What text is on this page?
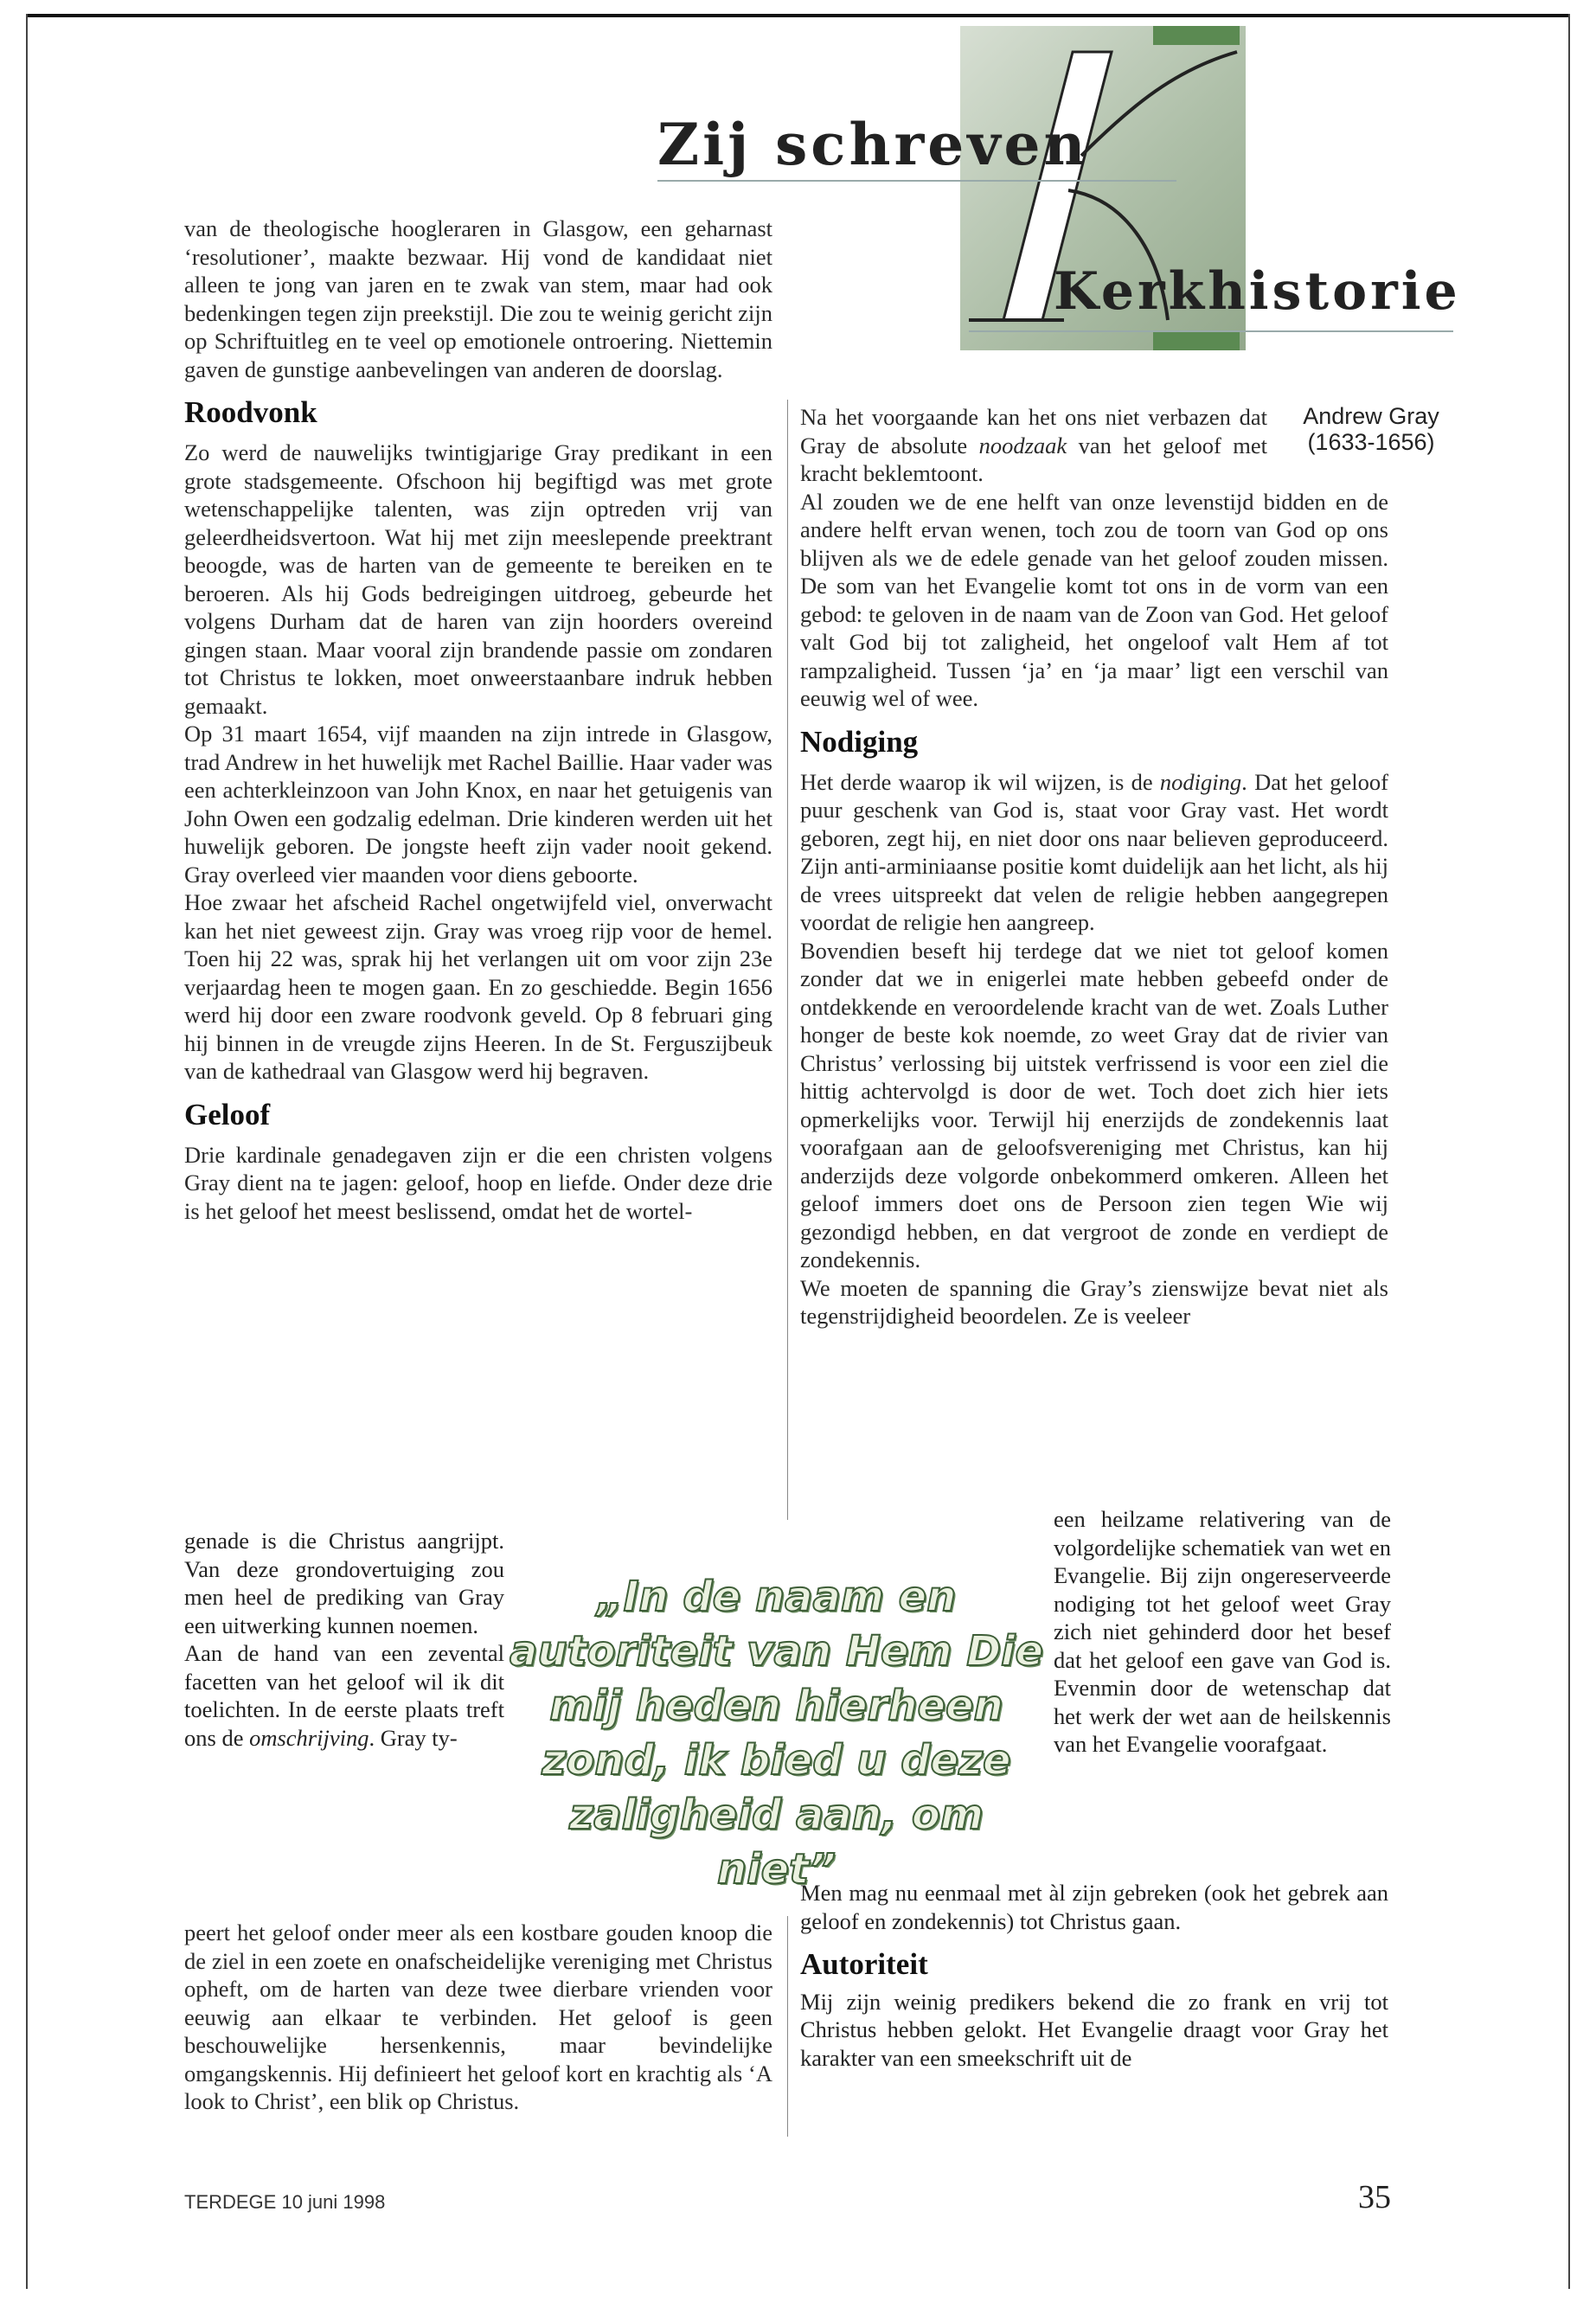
Zij schreven
Kerkhistorie
Andrew Gray
(1633-1656)

van de theologische hoogleraren in Glasgow, een geharnast ‘resolutioner’, maakte bezwaar. Hij vond de kandidaat niet alleen te jong van jaren en te zwak van stem, maar had ook bedenkingen tegen zijn preekstijl. Die zou te weinig gericht zijn op Schriftuitleg en te veel op emotionele ontroering. Niettemin gaven de gunstige aanbevelingen van anderen de doorslag.

Roodvonk

Zo werd de nauwelijks twintigjarige Gray predikant in een grote stadsgemeente. Ofschoon hij begiftigd was met grote wetenschappelijke talenten, was zijn optreden vrij van geleerdheidsvertoon. Wat hij met zijn meeslepende preektrant beoogde, was de harten van de gemeente te bereiken en te beroeren. Als hij Gods bedreigingen uitdroeg, gebeurde het volgens Durham dat de haren van zijn hoorders overeind gingen staan. Maar vooral zijn brandende passie om zondaren tot Christus te lokken, moet onweerstaanbare indruk hebben gemaakt.

Op 31 maart 1654, vijf maanden na zijn intrede in Glasgow, trad Andrew in het huwelijk met Rachel Baillie. Haar vader was een achterkleinzoon van John Knox, en naar het getuigenis van John Owen een godzalig edelman. Drie kinderen werden uit het huwelijk geboren. De jongste heeft zijn vader nooit gekend. Gray overleed vier maanden voor diens geboorte.

Hoe zwaar het afscheid Rachel ongetwijfeld viel, onverwacht kan het niet geweest zijn. Gray was vroeg rijp voor de hemel. Toen hij 22 was, sprak hij het verlangen uit om voor zijn 23e verjaardag heen te mogen gaan. En zo geschiedde. Begin 1656 werd hij door een zware roodvonk geveld. Op 8 februari ging hij binnen in de vreugde zijns Heeren. In de St. Ferguszijbeuk van de kathedraal van Glasgow werd hij begraven.

Geloof

Drie kardinale genadegaven zijn er die een christen volgens Gray dient na te jagen: geloof, hoop en liefde. Onder deze drie is het geloof het meest beslissend, omdat het de wortel-

genade is die Christus aangrijpt. Van deze grondovertuiging zou men heel de prediking van Gray een uitwerking kunnen noemen.

Aan de hand van een zevental facetten van het geloof wil ik dit toelichten. In de eerste plaats treft ons de omschrijving. Gray ty-

„In de naam en
autoriteit van Hem Die
mij heden hierheen
zond, ik bied u deze
zaligheid aan, om niet”

peert het geloof onder meer als een kostbare gouden knoop die de ziel in een zoete en onafscheidelijke vereniging met Christus opheft, om de harten van deze twee dierbare vrienden voor eeuwig aan elkaar te verbinden. Het geloof is geen beschouwelijke hersenkennis, maar bevindelijke omgangskennis. Hij definieert het geloof kort en krachtig als ‘A look to Christ’, een blik op Christus.

Na het voorgaande kan het ons niet verbazen dat Gray de absolute noodzaak van het geloof met kracht beklemtoont.

Al zouden we de ene helft van onze levenstijd bidden en de andere helft ervan wenen, toch zou de toorn van God op ons blijven als we de edele genade van het geloof zouden missen. De som van het Evangelie komt tot ons in de vorm van een gebod: te geloven in de naam van de Zoon van God. Het geloof valt God bij tot zaligheid, het ongeloof valt Hem af tot rampzaligheid. Tussen ‘ja’ en ‘ja maar’ ligt een verschil van eeuwig wel of wee.

Nodiging

Het derde waarop ik wil wijzen, is de nodiging. Dat het geloof puur geschenk van God is, staat voor Gray vast. Het wordt geboren, zegt hij, en niet door ons naar believen geproduceerd. Zijn anti-arminiaanse positie komt duidelijk aan het licht, als hij de vrees uitspreekt dat velen de religie hebben aangegrepen voordat de religie hen aangreep.

Bovendien beseft hij terdege dat we niet tot geloof komen zonder dat we in enigerlei mate hebben gebeefd onder de ontdekkende en veroordelende kracht van de wet. Zoals Luther honger de beste kok noemde, zo weet Gray dat de rivier van Christus’ verlossing bij uitstek verfrissend is voor een ziel die hittig achtervolgd is door de wet. Toch doet zich hier iets opmerkelijks voor. Terwijl hij enerzijds de zondekennis laat voorafgaan aan de geloofsvereniging met Christus, kan hij anderzijds deze volgorde onbekommerd omkeren. Alleen het geloof immers doet ons de Persoon zien tegen Wie wij gezondigd hebben, en dat vergroot de zonde en verdiept de zondekennis.

We moeten de spanning die Gray’s zienswijze bevat niet als tegenstrijdigheid beoordelen. Ze is veeleer

een heilzame relativering van de volgordelijke schematiek van wet en Evangelie. Bij zijn ongereserveerde nodiging tot het geloof weet Gray zich niet gehinderd door het besef dat het geloof een gave van God is. Evenmin door de wetenschap dat het werk der wet aan de heilskennis van het Evangelie voorafgaat.

Men mag nu eenmaal met àl zijn gebreken (ook het gebrek aan geloof en zondekennis) tot Christus gaan.

Autoriteit

Mij zijn weinig predikers bekend die zo frank en vrij tot Christus hebben gelokt. Het Evangelie draagt voor Gray het karakter van een smeekschrift uit de

TERDEGE 10 juni 1998	35
